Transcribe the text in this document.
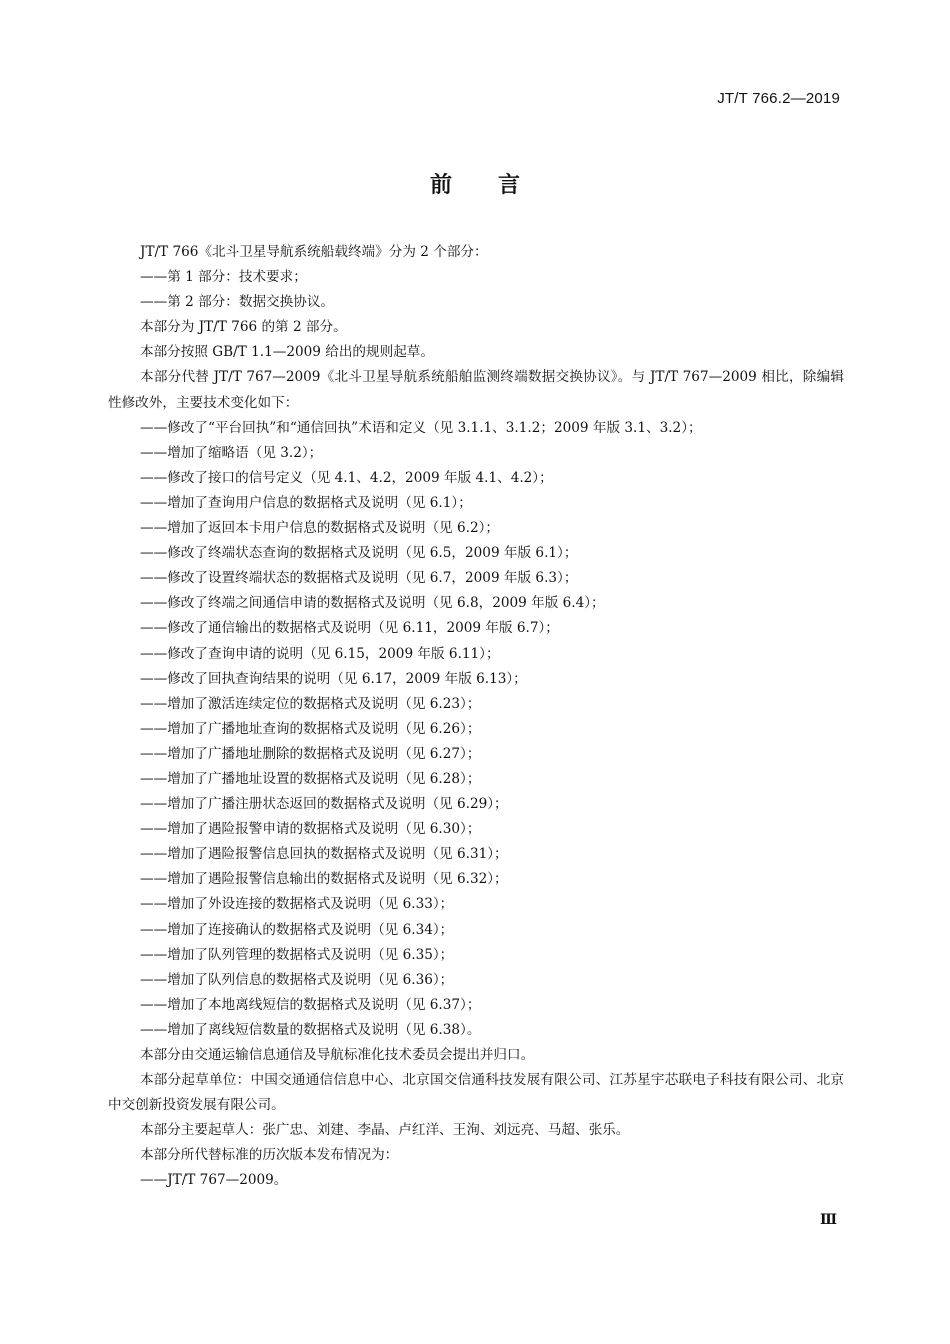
JT/T 766.2—2019
前言

JT/T 766《北斗卫星导航系统船载终端》分为 2 个部分：

——第 1 部分：技术要求；

——第 2 部分：数据交换协议。

本部分为 JT/T 766 的第 2 部分。

本部分按照 GB/T 1.1—2009 给出的规则起草。

本部分代替 JT/T 767—2009《北斗卫星导航系统船舶监测终端数据交换协议》。与 JT/T 767—2009 相比，除编辑性修改外，主要技术变化如下：

——修改了“平台回执”和“通信回执”术语和定义（见 3.1.1、3.1.2；2009 年版 3.1、3.2）；

——增加了缩略语（见 3.2）；

——修改了接口的信号定义（见 4.1、4.2，2009 年版 4.1、4.2）；

——增加了查询用户信息的数据格式及说明（见 6.1）；

——增加了返回本卡用户信息的数据格式及说明（见 6.2）；

——修改了终端状态查询的数据格式及说明（见 6.5，2009 年版 6.1）；

——修改了设置终端状态的数据格式及说明（见 6.7，2009 年版 6.3）；

——修改了终端之间通信申请的数据格式及说明（见 6.8，2009 年版 6.4）；

——修改了通信输出的数据格式及说明（见 6.11，2009 年版 6.7）；

——修改了查询申请的说明（见 6.15，2009 年版 6.11）；

——修改了回执查询结果的说明（见 6.17，2009 年版 6.13）；

——增加了激活连续定位的数据格式及说明（见 6.23）；

——增加了广播地址查询的数据格式及说明（见 6.26）；

——增加了广播地址删除的数据格式及说明（见 6.27）；

——增加了广播地址设置的数据格式及说明（见 6.28）；

——增加了广播注册状态返回的数据格式及说明（见 6.29）；

——增加了遇险报警申请的数据格式及说明（见 6.30）；

——增加了遇险报警信息回执的数据格式及说明（见 6.31）；

——增加了遇险报警信息输出的数据格式及说明（见 6.32）；

——增加了外设连接的数据格式及说明（见 6.33）；

——增加了连接确认的数据格式及说明（见 6.34）；

——增加了队列管理的数据格式及说明（见 6.35）；

——增加了队列信息的数据格式及说明（见 6.36）；

——增加了本地离线短信的数据格式及说明（见 6.37）；

——增加了离线短信数量的数据格式及说明（见 6.38）。

本部分由交通运输信息通信及导航标准化技术委员会提出并归口。

本部分起草单位：中国交通通信信息中心、北京国交信通科技发展有限公司、江苏星宇芯联电子科技有限公司、北京中交创新投资发展有限公司。

本部分主要起草人：张广忠、刘建、李晶、卢红洋、王洵、刘远亮、马超、张乐。

本部分所代替标准的历次版本发布情况为：

——JT/T 767—2009。

Ⅲ
